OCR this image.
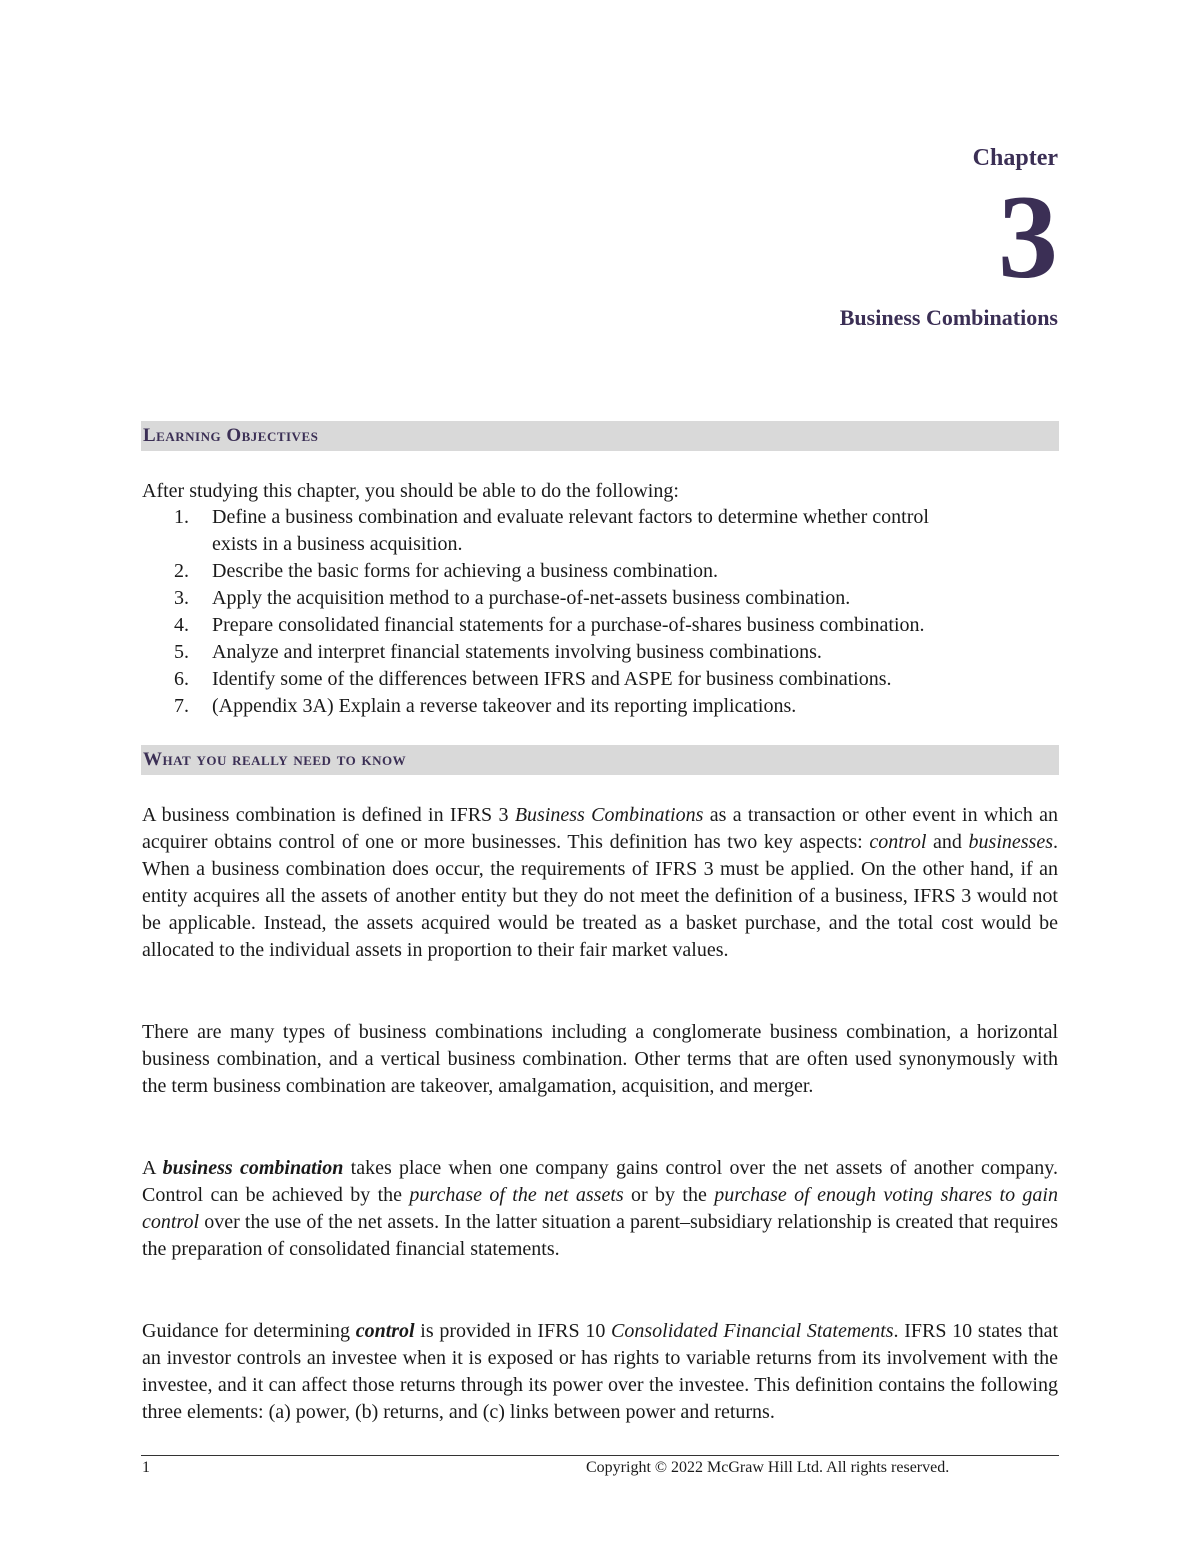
Chapter
3
Business Combinations
Learning Objectives
After studying this chapter, you should be able to do the following:
1. Define a business combination and evaluate relevant factors to determine whether control
exists in a business acquisition.
2. Describe the basic forms for achieving a business combination.
3. Apply the acquisition method to a purchase-of-net-assets business combination.
4. Prepare consolidated financial statements for a purchase-of-shares business combination.
5. Analyze and interpret financial statements involving business combinations.
6. Identify some of the differences between IFRS and ASPE for business combinations.
7. (Appendix 3A) Explain a reverse takeover and its reporting implications.
What you really need to know
A business combination is defined in IFRS 3 Business Combinations as a transaction or other event in which an acquirer obtains control of one or more businesses. This definition has two key aspects: control and businesses. When a business combination does occur, the requirements of IFRS 3 must be applied. On the other hand, if an entity acquires all the assets of another entity but they do not meet the definition of a business, IFRS 3 would not be applicable. Instead, the assets acquired would be treated as a basket purchase, and the total cost would be allocated to the individual assets in proportion to their fair market values.
There are many types of business combinations including a conglomerate business combination, a horizontal business combination, and a vertical business combination. Other terms that are often used synonymously with the term business combination are takeover, amalgamation, acquisition, and merger.
A business combination takes place when one company gains control over the net assets of another company. Control can be achieved by the purchase of the net assets or by the purchase of enough voting shares to gain control over the use of the net assets. In the latter situation a parent–subsidiary relationship is created that requires the preparation of consolidated financial statements.
Guidance for determining control is provided in IFRS 10 Consolidated Financial Statements. IFRS 10 states that an investor controls an investee when it is exposed or has rights to variable returns from its involvement with the investee, and it can affect those returns through its power over the investee. This definition contains the following three elements: (a) power, (b) returns, and (c) links between power and returns.
1	Copyright © 2022 McGraw Hill Ltd. All rights reserved.
